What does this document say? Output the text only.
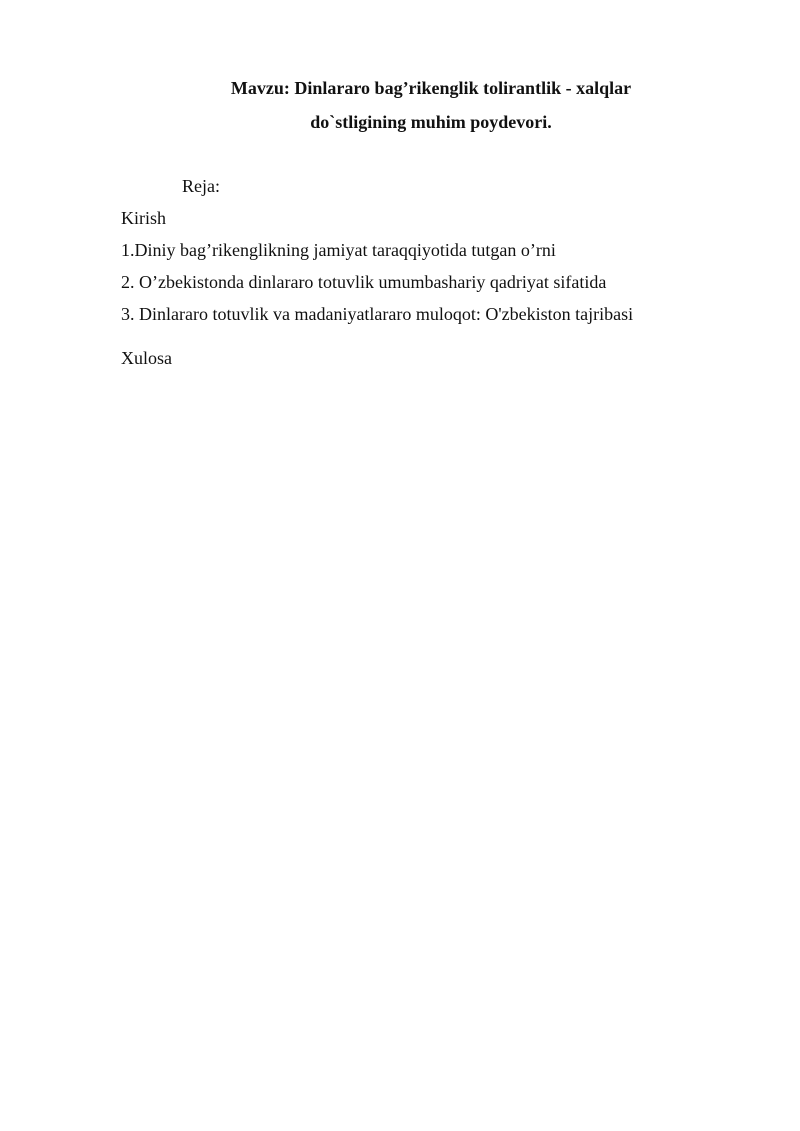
Mavzu: Dinlararo bag’rikenglik tolirantlik - xalqlar

do`stligining muhim poydevori.

Reja:

Kirish

1.Diniy bag’rikenglikning jamiyat taraqqiyotida tutgan o’rni

2. O’zbekistonda dinlararo totuvlik umumbashariy qadriyat sifatida

3. Dinlararo totuvlik va madaniyatlararo muloqot: O'zbekiston tajribasi

Xulosa
